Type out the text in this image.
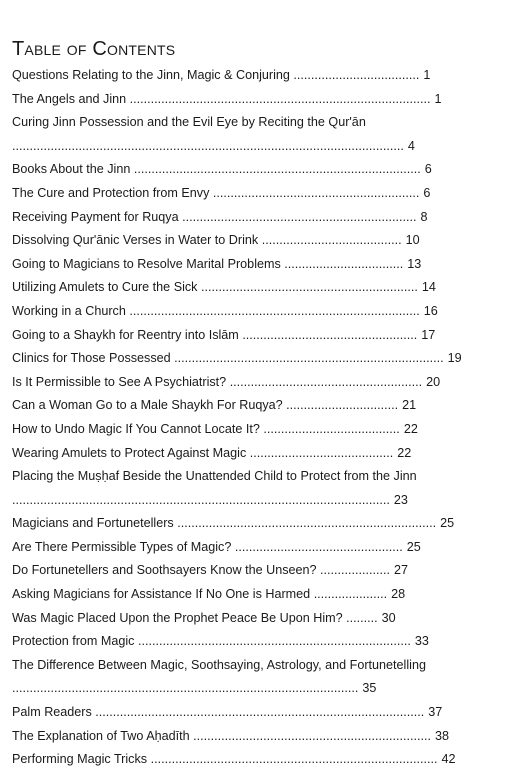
Table of Contents
Questions Relating to the Jinn, Magic & Conjuring .................................... 1
The Angels and Jinn ...................................................................................... 1
Curing Jinn Possession and the Evil Eye by Reciting the Qur'ān
................................................................................................................ 4
Books About the Jinn .................................................................................. 6
The Cure and Protection from Envy ........................................................... 6
Receiving Payment for Ruqya ................................................................... 8
Dissolving Qur'ānic Verses in Water to Drink ........................................ 10
Going to Magicians to Resolve Marital Problems .................................. 13
Utilizing Amulets to Cure the Sick .............................................................. 14
Working in a Church ................................................................................... 16
Going to a Shaykh for Reentry into Islām .................................................. 17
Clinics for Those Possessed ............................................................................. 19
Is It Permissible to See A Psychiatrist? ....................................................... 20
Can a Woman Go to a Male Shaykh For Ruqya? ................................ 21
How to Undo Magic If You Cannot Locate It? ....................................... 22
Wearing Amulets to Protect Against Magic ......................................... 22
Placing the Muṣḥaf Beside the Unattended Child to Protect from the Jinn
............................................................................................................ 23
Magicians and Fortunetellers .......................................................................... 25
Are There Permissible Types of Magic? ................................................ 25
Do Fortunetellers and Soothsayers Know the Unseen? .................... 27
Asking Magicians for Assistance If No One is Harmed ..................... 28
Was Magic Placed Upon the Prophet Peace Be Upon Him? ......... 30
Protection from Magic .............................................................................. 33
The Difference Between Magic, Soothsaying, Astrology, and Fortunetelling
................................................................................................... 35
Palm Readers .............................................................................................. 37
The Explanation of Two Aḥadīth .................................................................... 38
Performing Magic Tricks .................................................................................. 42
